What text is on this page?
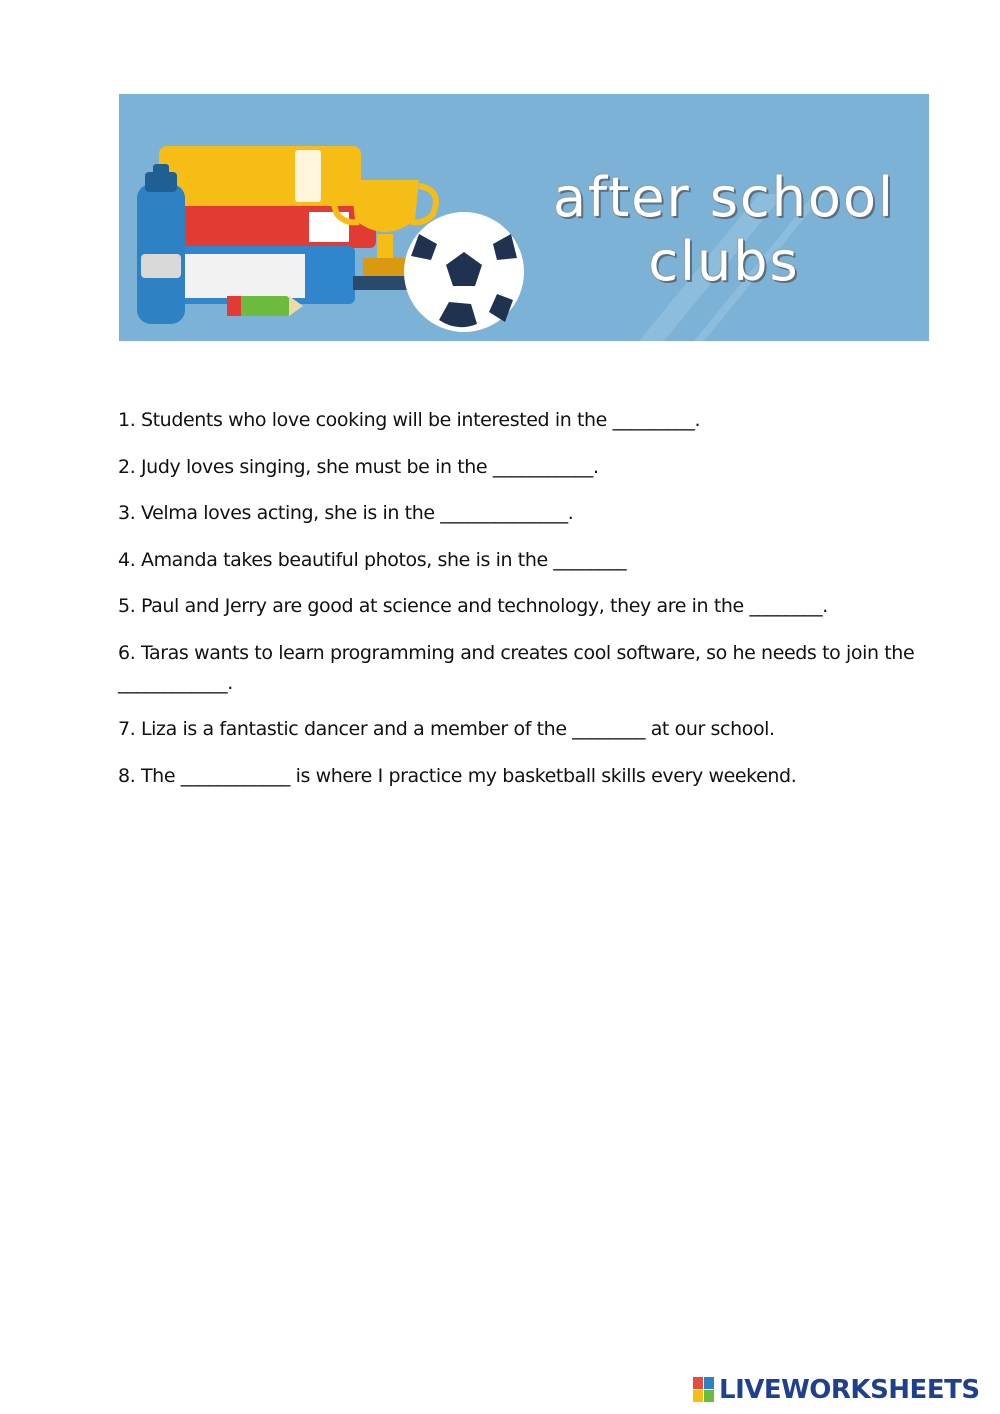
after school
clubs

1. Students who love cooking will be interested in the _________.

2. Judy loves singing, she must be in the ___________.

3. Velma loves acting, she is in the ______________.

4. Amanda takes beautiful photos, she is in the ________

5. Paul and Jerry are good at science and technology, they are in the ________.

6. Taras wants to learn programming and creates cool software, so he needs to join the ____________.

7. Liza is a fantastic dancer and a member of the ________ at our school.

8. The ____________ is where I practice my basketball skills every weekend.

LIVEWORKSHEETS
